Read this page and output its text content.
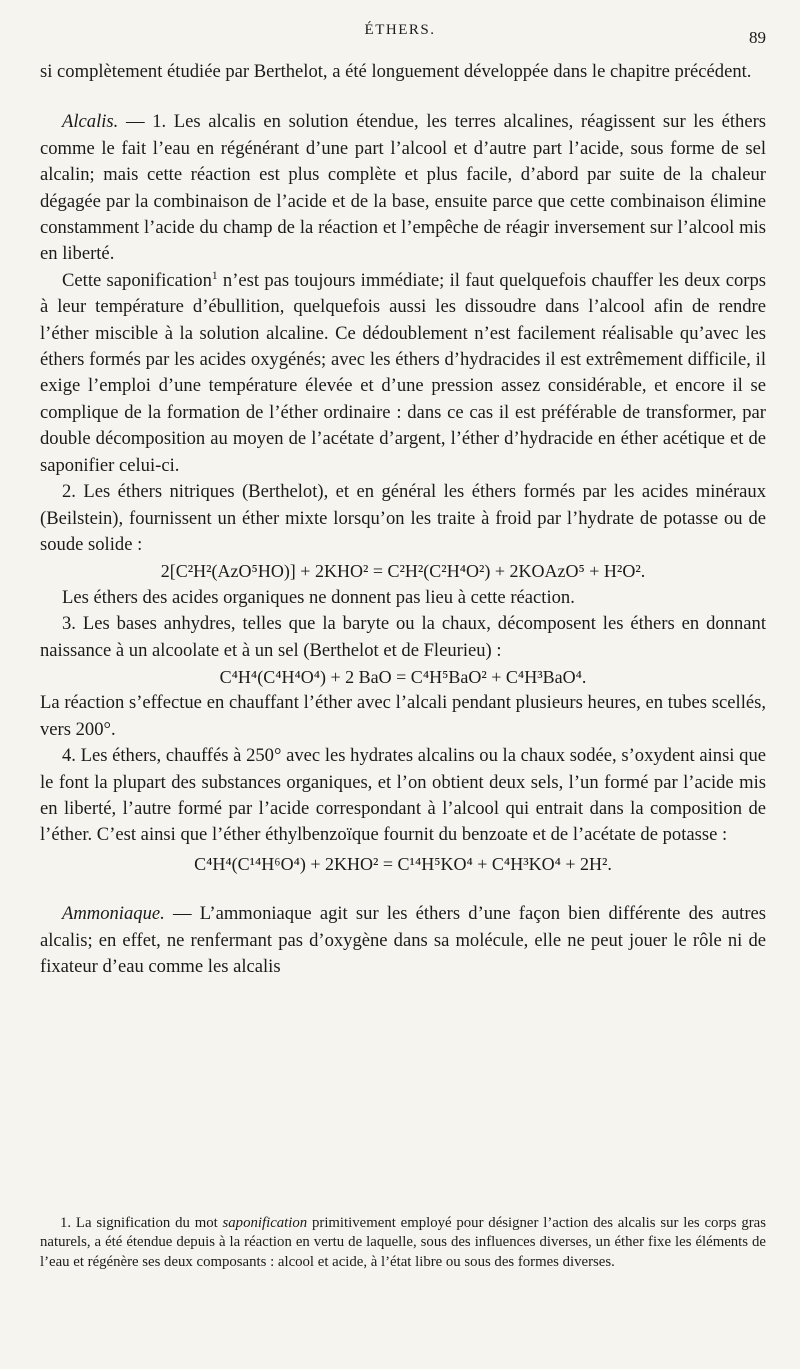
ÉTHERS.	89

si complètement étudiée par Berthelot, a été longuement développée dans le chapitre précédent.

Alcalis. — 1. Les alcalis en solution étendue, les terres alcalines, réagissent sur les éthers comme le fait l’eau en régénérant d’une part l’alcool et d’autre part l’acide, sous forme de sel alcalin; mais cette réaction est plus complète et plus facile, d’abord par suite de la chaleur dégagée par la combinaison de l’acide et de la base, ensuite parce que cette combinaison élimine constamment l’acide du champ de la réaction et l’empêche de réagir inversement sur l’alcool mis en liberté.

Cette saponification$^1$ n’est pas toujours immédiate; il faut quelquefois chauffer les deux corps à leur température d’ébullition, quelquefois aussi les dissoudre dans l’alcool afin de rendre l’éther miscible à la solution alcaline. Ce dédoublement n’est facilement réalisable qu’avec les éthers formés par les acides oxygénés; avec les éthers d’hydracides il est extrêmement difficile, il exige l’emploi d’une température élevée et d’une pression assez considérable, et encore il se complique de la formation de l’éther ordinaire : dans ce cas il est préférable de transformer, par double décomposition au moyen de l’acétate d’argent, l’éther d’hydracide en éther acétique et de saponifier celui-ci.

2. Les éthers nitriques (Berthelot), et en général les éthers formés par les acides minéraux (Beilstein), fournissent un éther mixte lorsqu’on les traite à froid par l’hydrate de potasse ou de soude solide :

2[C²H²(AzO⁵HO)] + 2KHO² = C²H²(C²H⁴O²) + 2KOAzO⁵ + H²O².

Les éthers des acides organiques ne donnent pas lieu à cette réaction.

3. Les bases anhydres, telles que la baryte ou la chaux, décomposent les éthers en donnant naissance à un alcoolate et à un sel (Berthelot et de Fleurieu) :

C⁴H⁴(C⁴H⁴O⁴) + 2 BaO = C⁴H⁵BaO² + C⁴H³BaO⁴.

La réaction s’effectue en chauffant l’éther avec l’alcali pendant plusieurs heures, en tubes scellés, vers 200°.

4. Les éthers, chauffés à 250° avec les hydrates alcalins ou la chaux sodée, s’oxydent ainsi que le font la plupart des substances organiques, et l’on obtient deux sels, l’un formé par l’acide mis en liberté, l’autre formé par l’acide correspondant à l’alcool qui entrait dans la composition de l’éther. C’est ainsi que l’éther éthylbenzoïque fournit du benzoate et de l’acétate de potasse :

C⁴H⁴(C¹⁴H⁶O⁴) + 2KHO² = C¹⁴H⁵KO⁴ + C⁴H³KO⁴ + 2H².

Ammoniaque. — L’ammoniaque agit sur les éthers d’une façon bien différente des autres alcalis; en effet, ne renfermant pas d’oxygène dans sa molécule, elle ne peut jouer le rôle ni de fixateur d’eau comme les alcalis

1. La signification du mot saponification primitivement employé pour désigner l’action des alcalis sur les corps gras naturels, a été étendue depuis à la réaction en vertu de laquelle, sous des influences diverses, un éther fixe les éléments de l’eau et régénère ses deux composants : alcool et acide, à l’état libre ou sous des formes diverses.
